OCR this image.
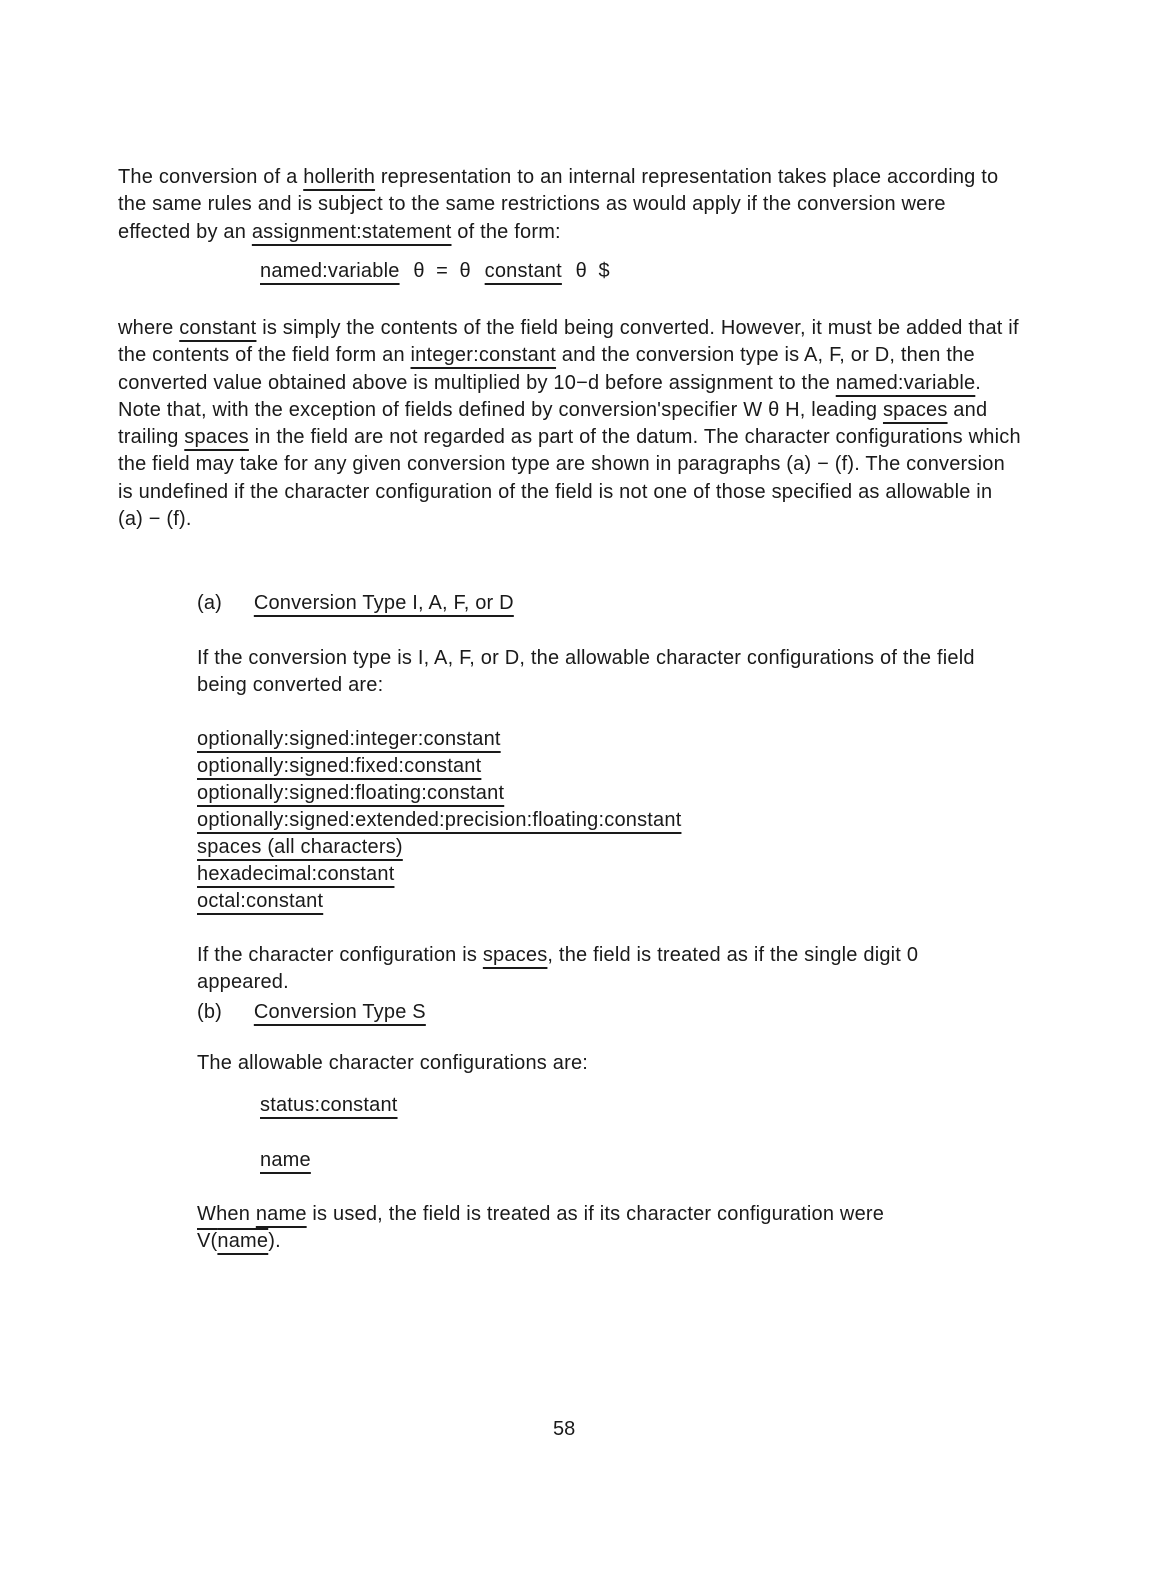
The conversion of a hollerith representation to an internal representation takes place according to the same rules and is subject to the same restrictions as would apply if the conversion were effected by an assignment:statement of the form:

named:variable θ  =  θ constant θ  $

where constant is simply the contents of the field being converted. However, it must be added that if the contents of the field form an integer:constant and the conversion type is A, F, or D, then the converted value obtained above is multiplied by 10−d before assignment to the named:variable. Note that, with the exception of fields defined by conversion'specifier W θ H, leading spaces and trailing spaces in the field are not regarded as part of the datum. The character configurations which the field may take for any given conversion type are shown in paragraphs (a) − (f). The conversion is undefined if the character configuration of the field is not one of those specified as allowable in (a) − (f).

(a) Conversion Type I, A, F, or D

If the conversion type is I, A, F, or D, the allowable character configurations of the field being converted are:

optionally:signed:integer:constant
optionally:signed:fixed:constant
optionally:signed:floating:constant
optionally:signed:extended:precision:floating:constant
spaces (all characters)
hexadecimal:constant
octal:constant

If the character configuration is spaces, the field is treated as if the single digit 0 appeared.

(b) Conversion Type S
The allowable character configurations are:
status:constant
name

When name is used, the field is treated as if its character configuration were V(name).

58
